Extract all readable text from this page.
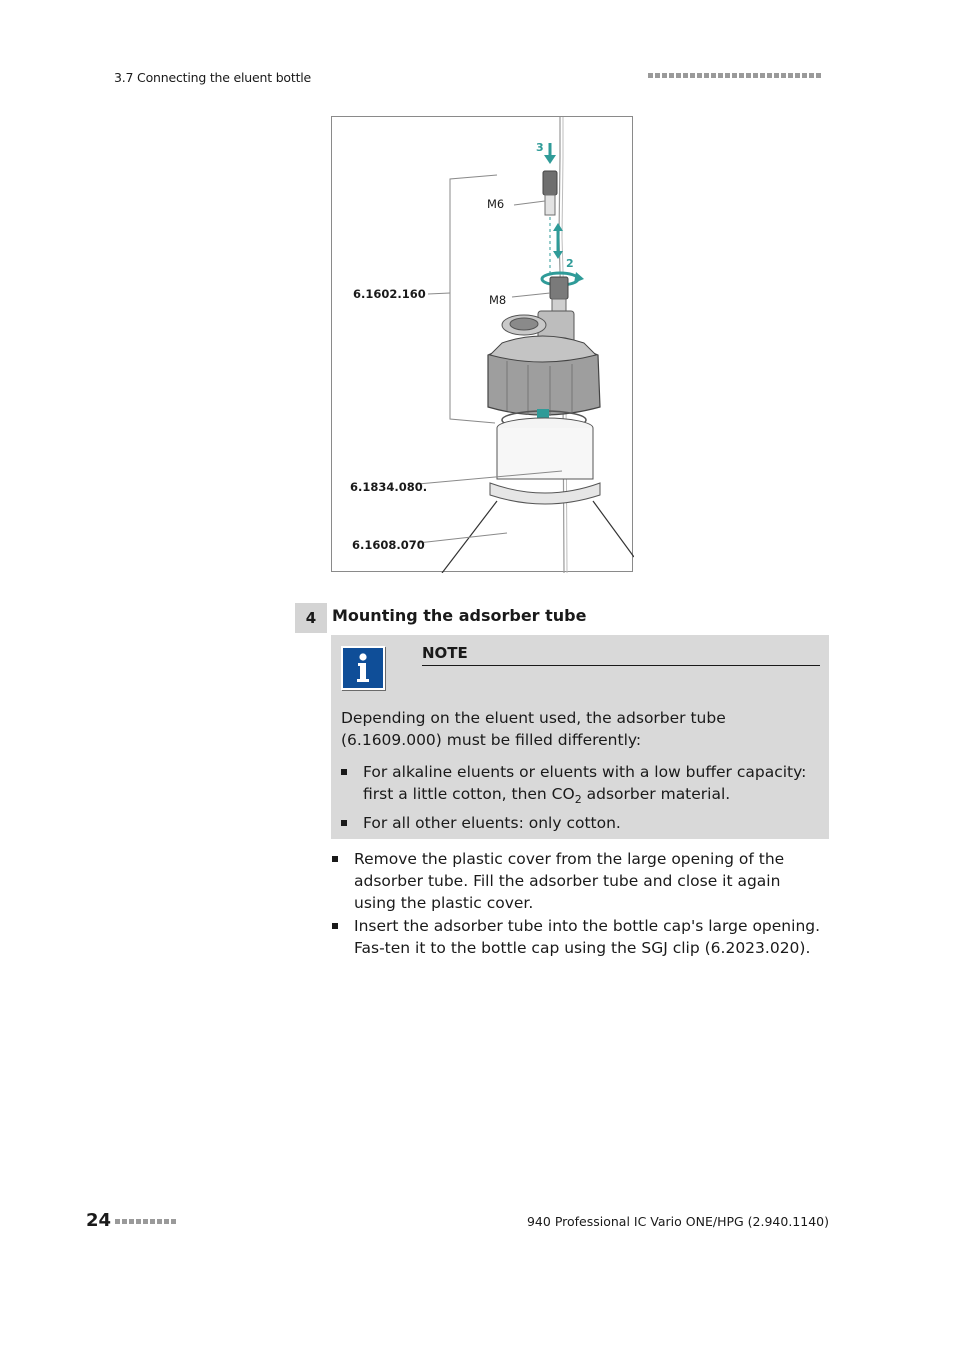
3.7 Connecting the eluent bottle
3
2
M6
M8
6.1602.160
6.1834.080.
6.1608.070
4 Mounting the adsorber tube
NOTE
Depending on the eluent used, the adsorber tube (6.1609.000) must be filled differently:
For alkaline eluents or eluents with a low buffer capacity: first a little cotton, then $CO_2$ adsorber material.
For all other eluents: only cotton.
Remove the plastic cover from the large opening of the adsorber tube. Fill the adsorber tube and close it again using the plastic cover.
Insert the adsorber tube into the bottle cap's large opening. Fas-ten it to the bottle cap using the SGJ clip (6.2023.020).
24	940 Professional IC Vario ONE/HPG (2.940.1140)
